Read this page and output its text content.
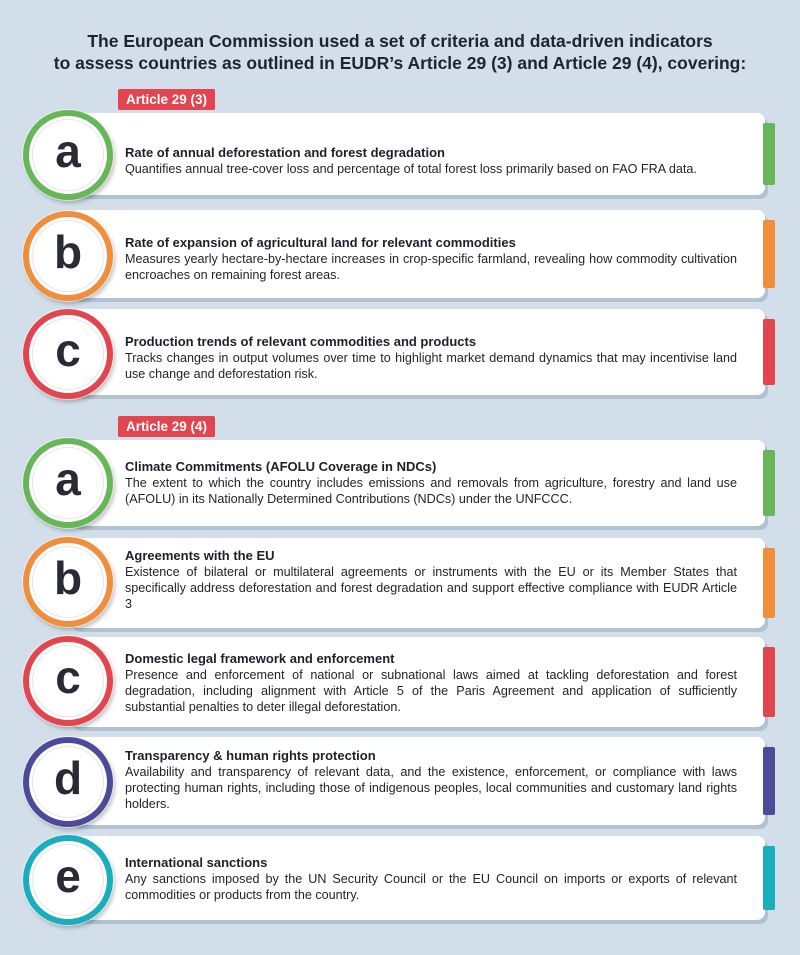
The European Commission used a set of criteria and data-driven indicators
to assess countries as outlined in EUDR’s Article 29 (3) and Article 29 (4), covering:
Article 29 (3)
Rate of annual deforestation and forest degradation
Quantifies annual tree-cover loss and percentage of total forest loss primarily based on FAO FRA data.
a
Rate of expansion of agricultural land for relevant commodities
Measures yearly hectare-by-hectare increases in crop-specific farmland, revealing how commodity cultivation encroaches on remaining forest areas.
b
Production trends of relevant commodities and products
Tracks changes in output volumes over time to highlight market demand dynamics that may incentivise land use change and deforestation risk.
c
Article 29 (4)
Climate Commitments (AFOLU Coverage in NDCs)
The extent to which the country includes emissions and removals from agriculture, forestry and land use (AFOLU) in its Nationally Determined Contributions (NDCs) under the UNFCCC.
a
Agreements with the EU
Existence of bilateral or multilateral agreements or instruments with the EU or its Member States that specifically address deforestation and forest degradation and support effective compliance with EUDR Article 3
b
Domestic legal framework and enforcement
Presence and enforcement of national or subnational laws aimed at tackling deforestation and forest degradation, including alignment with Article 5 of the Paris Agreement and application of sufficiently substantial penalties to deter illegal deforestation.
c
Transparency & human rights protection
Availability and transparency of relevant data, and the existence, enforcement, or compliance with laws protecting human rights, including those of indigenous peoples, local communities and customary land rights holders.
d
International sanctions
Any sanctions imposed by the UN Security Council or the EU Council on imports or exports of relevant commodities or products from the country.
e
